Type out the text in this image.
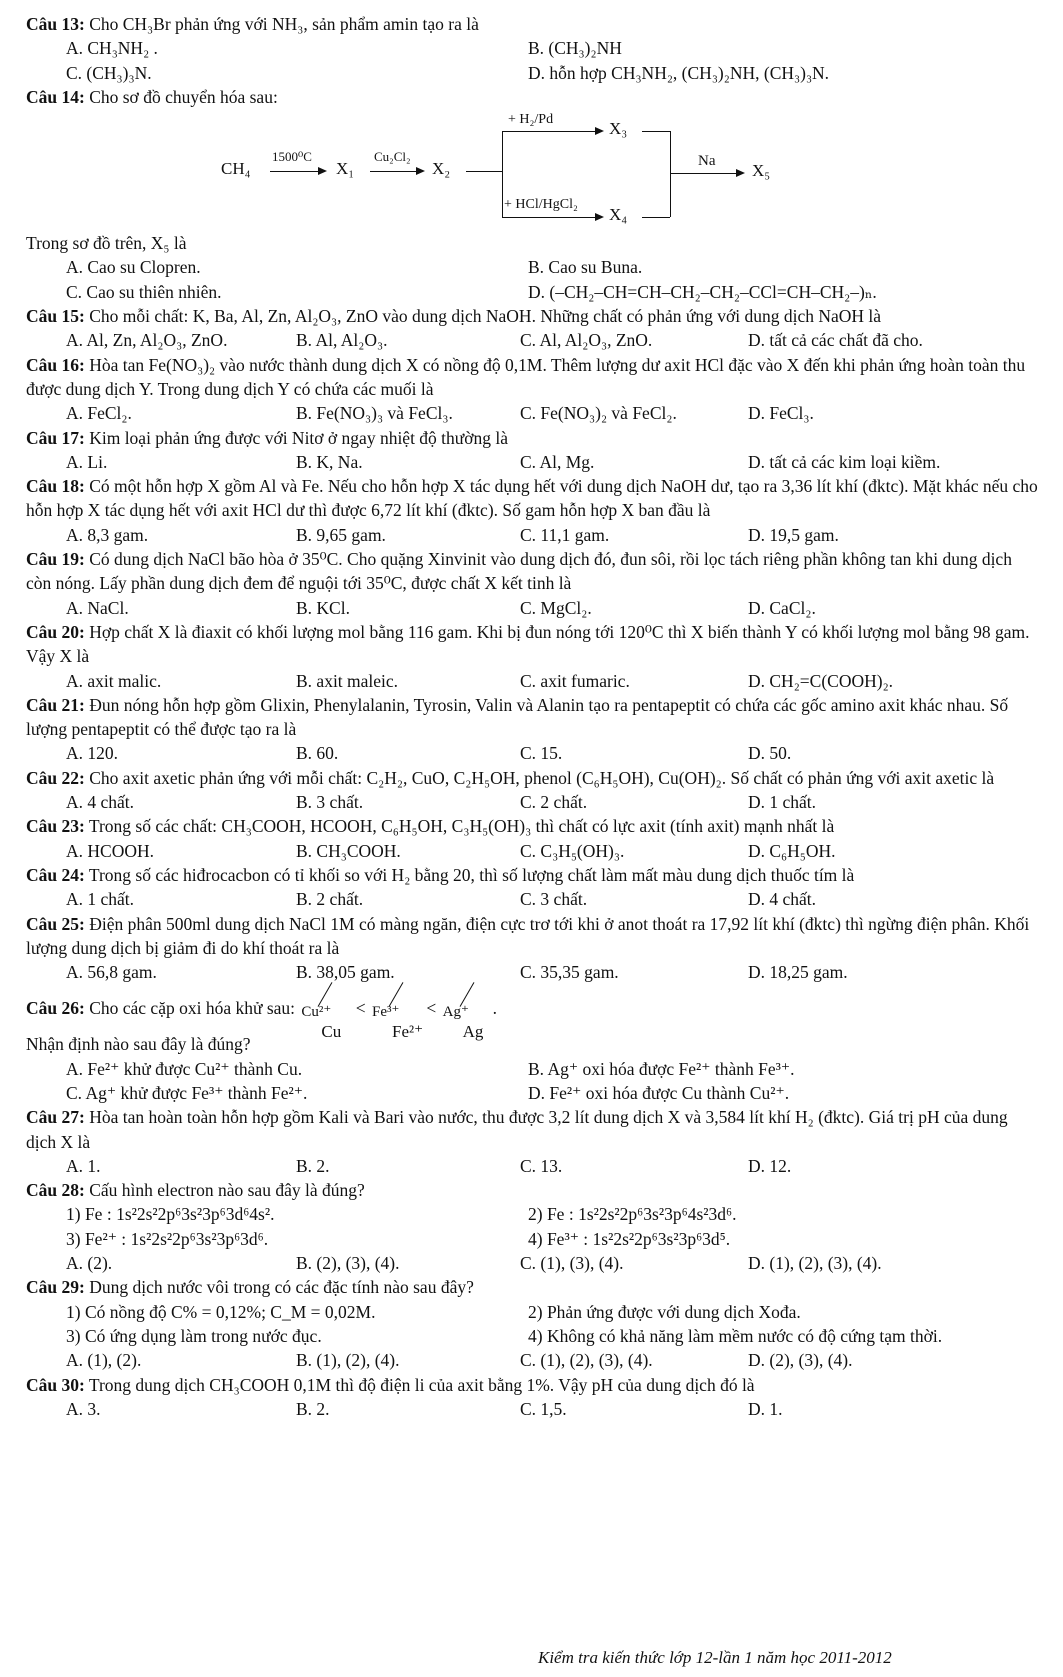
Câu 13: Cho CH₃Br phản ứng với NH₃, sản phẩm amin tạo ra là
A. CH₃NH₂ .	B. (CH₃)₂NH
C. (CH₃)₃N.	D. hỗn hợp CH₃NH₂, (CH₃)₂NH, (CH₃)₃N.
Câu 14: Cho sơ đồ chuyển hóa sau:
CH₄
1500⁰C
X₁
Cu₂Cl₂
X₂
+ H₂/Pd	X₃
+ HCl/HgCl₂
X₄
Na X₅
Trong sơ đồ trên, X₅ là
A. Cao su Clopren.	B. Cao su Buna.
C. Cao su thiên nhiên.	D. (–CH₂–CH=CH–CH₂–CH₂–CCl=CH–CH₂–)ₙ.
Câu 15: Cho mỗi chất: K, Ba, Al, Zn, Al₂O₃, ZnO vào dung dịch NaOH. Những chất có phản ứng với dung dịch NaOH là
A. Al, Zn, Al₂O₃, ZnO.	B. Al, Al₂O₃.	C. Al, Al₂O₃, ZnO.	D. tất cả các chất đã cho.
Câu 16: Hòa tan Fe(NO₃)₂ vào nước thành dung dịch X có nồng độ 0,1M. Thêm lượng dư axit HCl đặc vào X đến khi phản ứng hoàn toàn thu được dung dịch Y. Trong dung dịch Y có chứa các muối là
A. FeCl₂.	B. Fe(NO₃)₃ và FeCl₃.	C. Fe(NO₃)₂ và FeCl₂.	D. FeCl₃.
Câu 17: Kim loại phản ứng được với Nitơ ở ngay nhiệt độ thường là
A. Li.	B. K, Na.	C. Al, Mg.	D. tất cả các kim loại kiềm.
Câu 18: Có một hỗn hợp X gồm Al và Fe. Nếu cho hỗn hợp X tác dụng hết với dung dịch NaOH dư, tạo ra 3,36 lít khí (đktc). Mặt khác nếu cho hỗn hợp X tác dụng hết với axit HCl dư thì được 6,72 lít khí (đktc). Số gam hỗn hợp X ban đầu là
A. 8,3 gam.	B. 9,65 gam.	C. 11,1 gam.	D. 19,5 gam.
Câu 19: Có dung dịch NaCl bão hòa ở 35⁰C. Cho quặng Xinvinit vào dung dịch đó, đun sôi, rồi lọc tách riêng phần không tan khi dung dịch còn nóng. Lấy phần dung dịch đem để nguội tới 35⁰C, được chất X kết tinh là
A. NaCl.	B. KCl.	C. MgCl₂.	D. CaCl₂.
Câu 20: Hợp chất X là điaxit có khối lượng mol bằng 116 gam. Khi bị đun nóng tới 120⁰C thì X biến thành Y có khối lượng mol bằng 98 gam. Vậy X là
A. axit malic.	B. axit maleic.	C. axit fumaric.	D. CH₂=C(COOH)₂.
Câu 21: Đun nóng hỗn hợp gồm Glixin, Phenylalanin, Tyrosin, Valin và Alanin tạo ra pentapeptit có chứa các gốc amino axit khác nhau. Số lượng pentapeptit có thể được tạo ra là
A. 120.	B. 60.	C. 15.	D. 50.
Câu 22: Cho axit axetic phản ứng với mỗi chất: C₂H₂, CuO, C₂H₅OH, phenol (C₆H₅OH), Cu(OH)₂. Số chất có phản ứng với axit axetic là
A. 4 chất.	B. 3 chất.	C. 2 chất.	D. 1 chất.
Câu 23: Trong số các chất: CH₃COOH, HCOOH, C₆H₅OH, C₃H₅(OH)₃ thì chất có lực axit (tính axit) mạnh nhất là
A. HCOOH.	B. CH₃COOH.	C. C₃H₅(OH)₃.	D. C₆H₅OH.
Câu 24: Trong số các hiđrocacbon có tỉ khối so với H₂ bằng 20, thì số lượng chất làm mất màu dung dịch thuốc tím là
A. 1 chất.	B. 2 chất.	C. 3 chất.	D. 4 chất.
Câu 25: Điện phân 500ml dung dịch NaCl 1M có màng ngăn, điện cực trơ tới khi ở anot thoát ra 17,92 lít khí (đktc) thì ngừng điện phân. Khối lượng dung dịch bị giảm đi do khí thoát ra là
A. 56,8 gam.	B. 38,05 gam.	C. 35,35 gam.	D. 18,25 gam.
Câu 26: Cho các cặp oxi hóa khử sau: Cu²⁺
Cu
< Fe³⁺
Fe²⁺
< Ag⁺
Ag
.
Nhận định nào sau đây là đúng?
A. Fe²⁺ khử được Cu²⁺ thành Cu.	B. Ag⁺ oxi hóa được Fe²⁺ thành Fe³⁺.
C. Ag⁺ khử được Fe³⁺ thành Fe²⁺.	D. Fe²⁺ oxi hóa được Cu thành Cu²⁺.
Câu 27: Hòa tan hoàn toàn hỗn hợp gồm Kali và Bari vào nước, thu được 3,2 lít dung dịch X và 3,584 lít khí H₂ (đktc). Giá trị pH của dung dịch X là
A. 1.	B. 2.	C. 13.	D. 12.
Câu 28: Cấu hình electron nào sau đây là đúng?
1) Fe : 1s²2s²2p⁶3s²3p⁶3d⁶4s².	2) Fe : 1s²2s²2p⁶3s²3p⁶4s²3d⁶.
3) Fe²⁺ : 1s²2s²2p⁶3s²3p⁶3d⁶.	4) Fe³⁺ : 1s²2s²2p⁶3s²3p⁶3d⁵.
A. (2).	B. (2), (3), (4).	C. (1), (3), (4).	D. (1), (2), (3), (4).
Câu 29: Dung dịch nước vôi trong có các đặc tính nào sau đây?
1) Có nồng độ C% = 0,12%; C_M = 0,02M.	2) Phản ứng được với dung dịch Xođa.
3) Có ứng dụng làm trong nước đục.	4) Không có khả năng làm mềm nước có độ cứng tạm thời.
A. (1), (2).	B. (1), (2), (4).	C. (1), (2), (3), (4).	D. (2), (3), (4).
Câu 30: Trong dung dịch CH₃COOH 0,1M thì độ điện li của axit bằng 1%. Vậy pH của dung dịch đó là
A. 3.	B. 2.	C. 1,5.	D. 1.
Kiểm tra kiến thức lớp 12-lần 1 năm học 2011-2012
